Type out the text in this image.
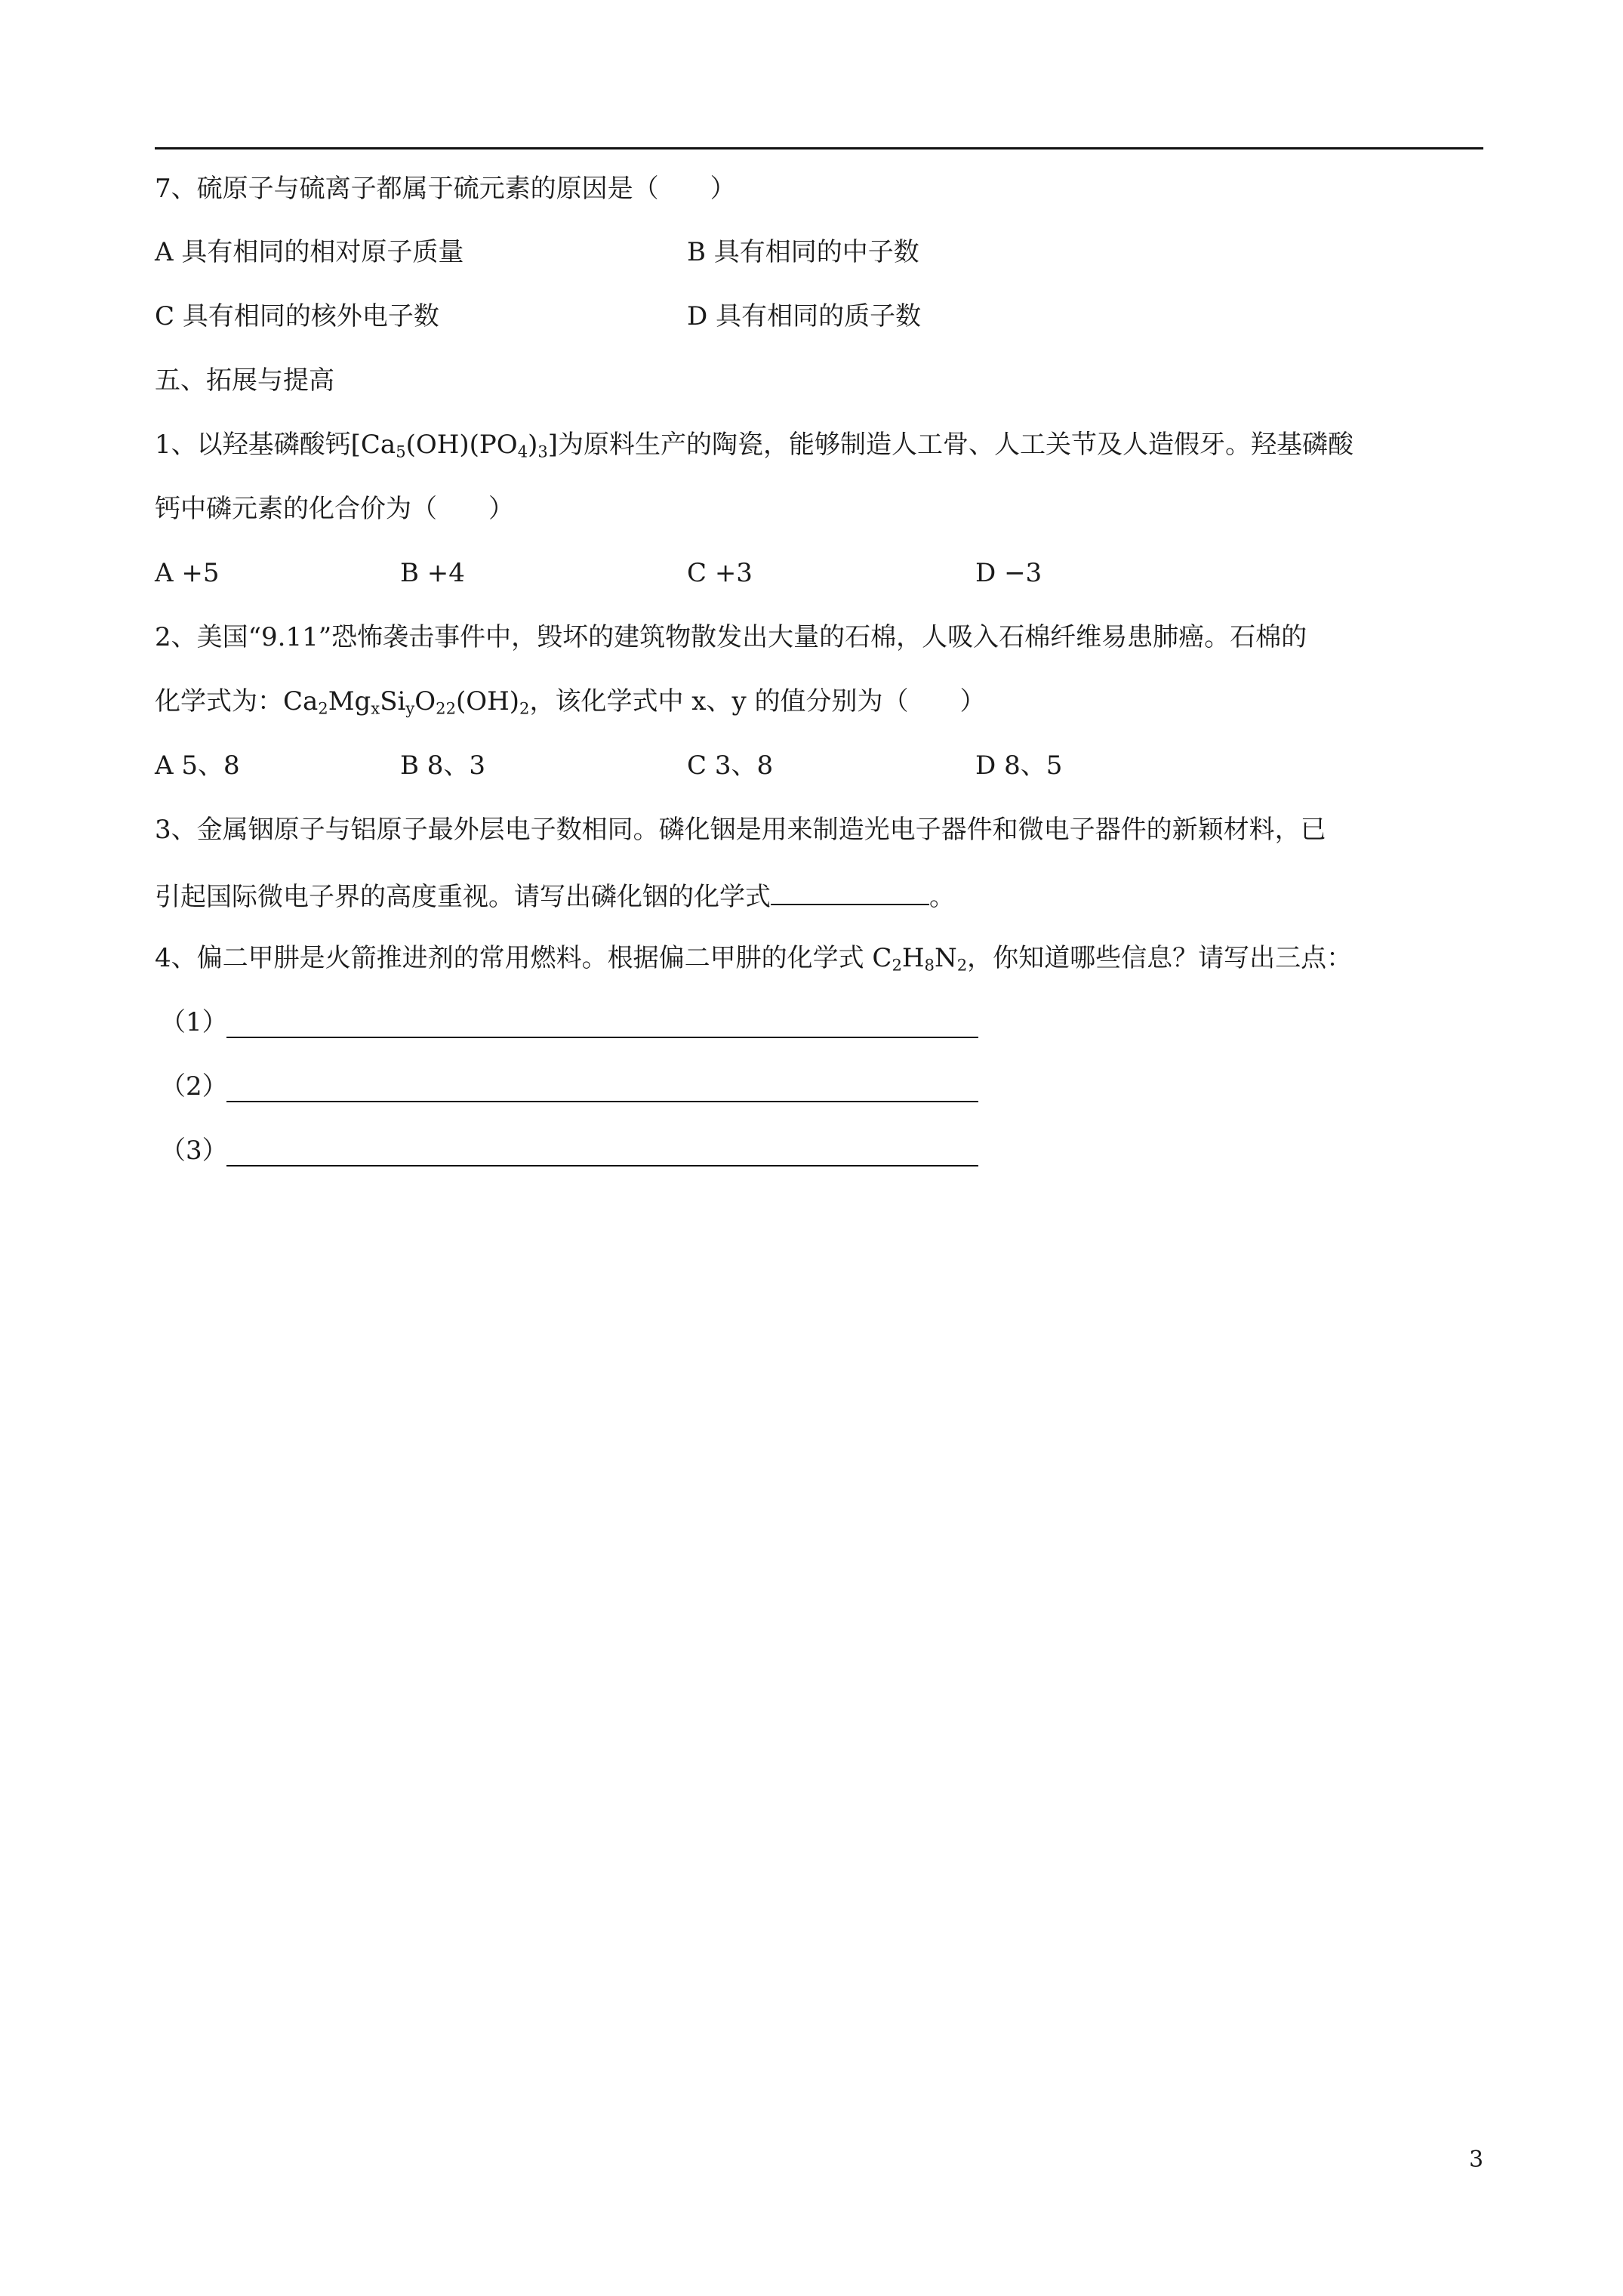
7、硫原子与硫离子都属于硫元素的原因是（　　）
A 具有相同的相对原子质量	B 具有相同的中子数
C 具有相同的核外电子数	D 具有相同的质子数
五、拓展与提高
1、以羟基磷酸钙$[Ca_5(OH)(PO_4)_3]$为原料生产的陶瓷，能够制造人工骨、人工关节及人造假牙。羟基磷酸
钙中磷元素的化合价为（　　）
A +5	B +4	C +3	D −3
2、美国“9.11”恐怖袭击事件中，毁坏的建筑物散发出大量的石棉，人吸入石棉纤维易患肺癌。石棉的
化学式为：$Ca_2Mg_xSi_yO_{22}(OH)_2$，该化学式中 x、y 的值分别为（　　）
A 5、8	B 8、3	C 3、8	D 8、5
3、金属铟原子与铝原子最外层电子数相同。磷化铟是用来制造光电子器件和微电子器件的新颖材料，已
引起国际微电子界的高度重视。请写出磷化铟的化学式	。
4、偏二甲肼是火箭推进剂的常用燃料。根据偏二甲肼的化学式 $C_2H_8N_2$，你知道哪些信息？请写出三点：
（1）
（2）
（3）
3
